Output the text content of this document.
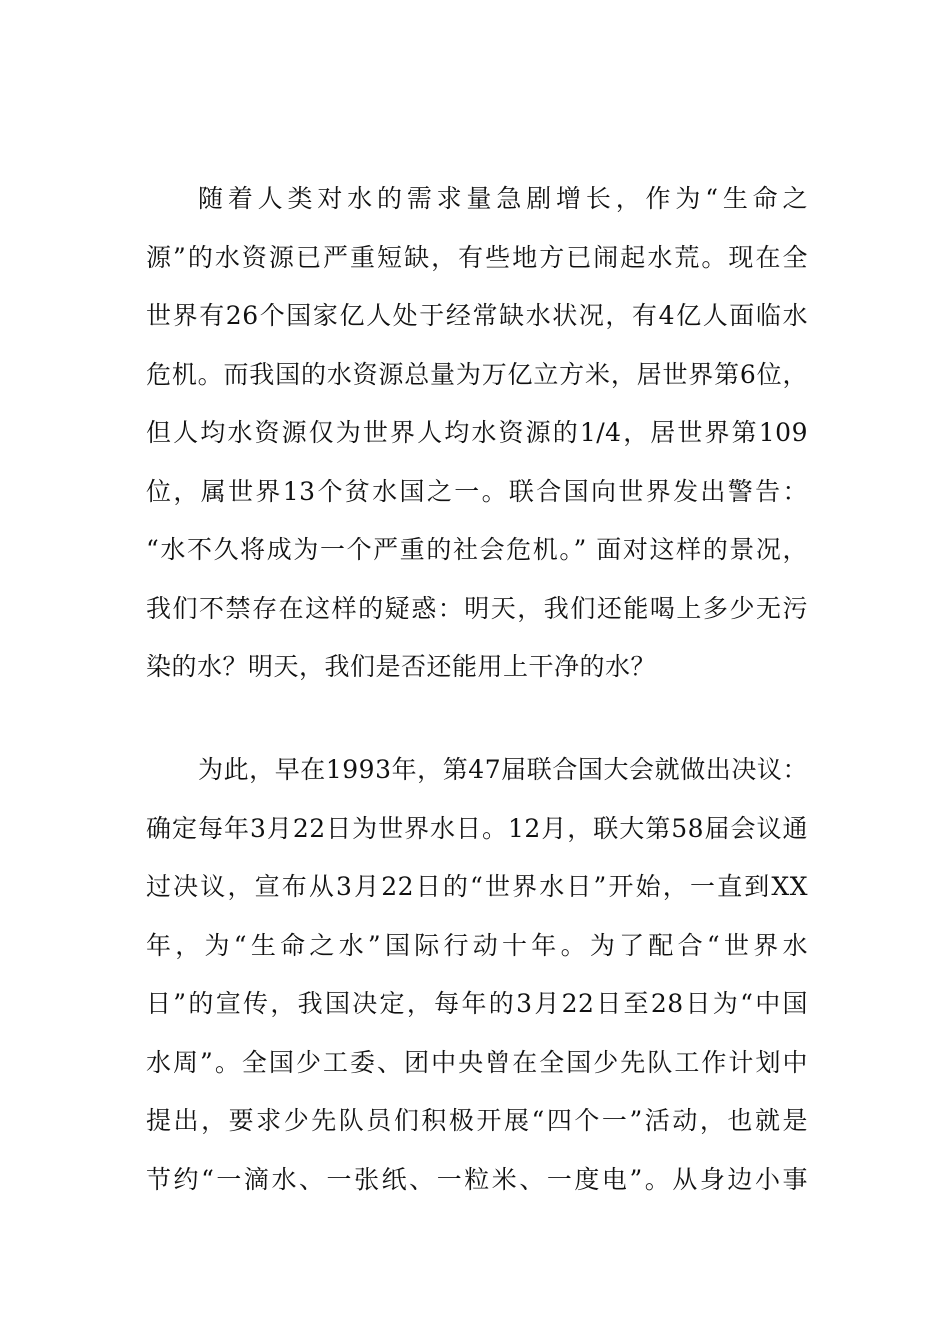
随着人类对水的需求量急剧增长，作为“生命之
源”的水资源已严重短缺，有些地方已闹起水荒。现在全
世界有26个国家亿人处于经常缺水状况，有4亿人面临水
危机。而我国的水资源总量为万亿立方米，居世界第6位，
但人均水资源仅为世界人均水资源的1/4，居世界第109
位，属世界13个贫水国之一。联合国向世界发出警告：
“水不久将成为一个严重的社会危机。” 面对这样的景况，
我们不禁存在这样的疑惑：明天，我们还能喝上多少无污
染的水？明天，我们是否还能用上干净的水？
为此，早在1993年，第47届联合国大会就做出决议：
确定每年3月22日为世界水日。12月，联大第58届会议通
过决议，宣布从3月22日的“世界水日”开始，一直到XX
年，为“生命之水”国际行动十年。为了配合“世界水
日”的宣传，我国决定，每年的3月22日至28日为“中国
水周”。全国少工委、团中央曾在全国少先队工作计划中
提出，要求少先队员们积极开展“四个一”活动，也就是
节约“一滴水、一张纸、一粒米、一度电”。从身边小事
